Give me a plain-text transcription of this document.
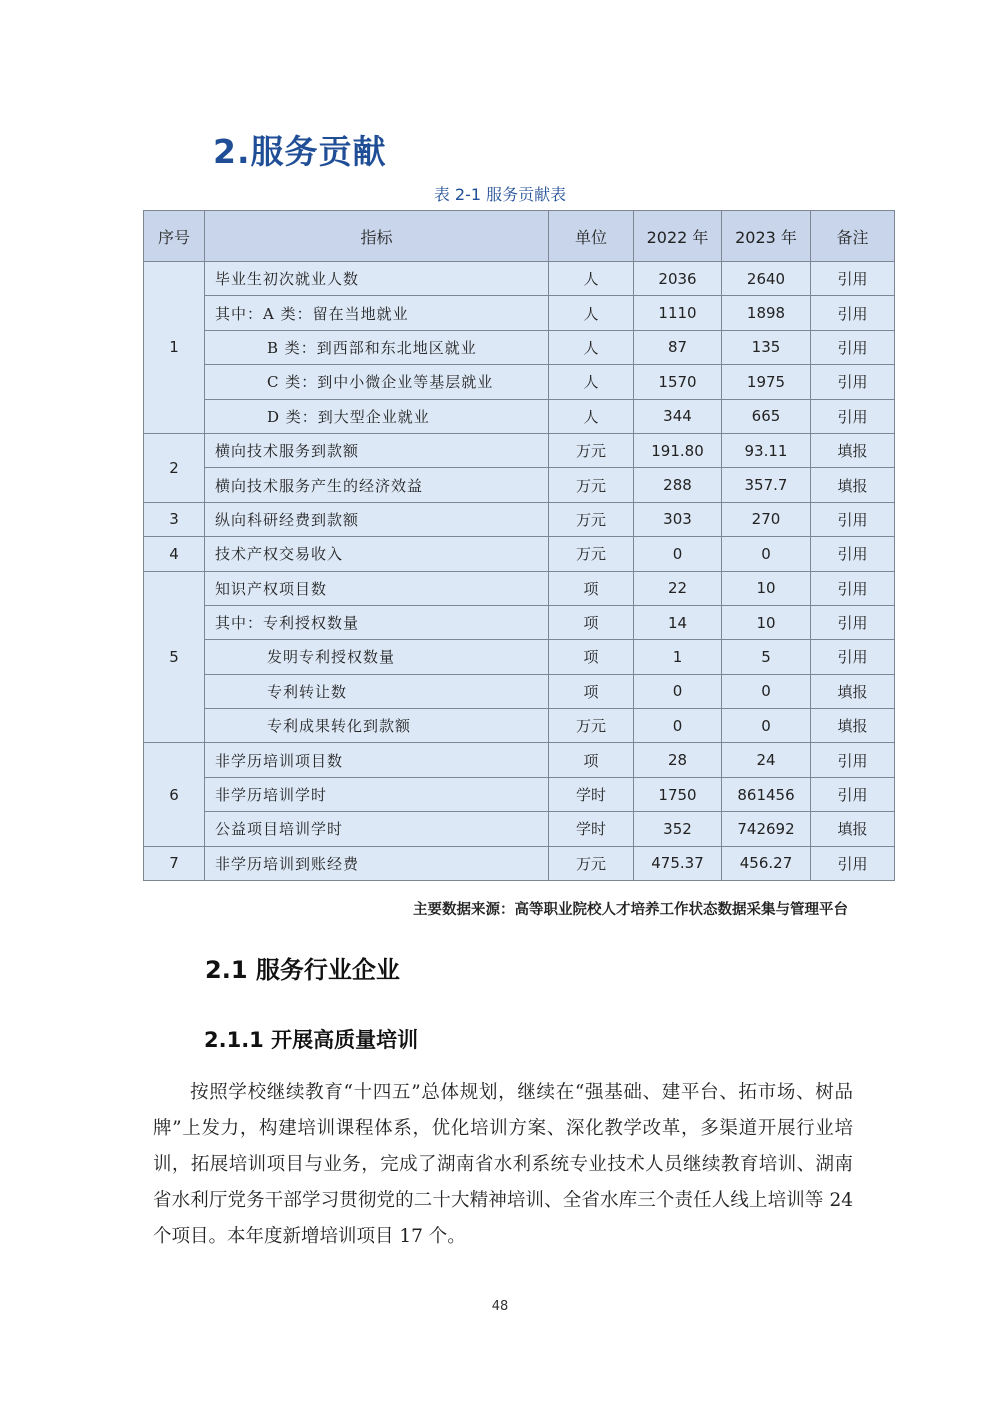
2.服务贡献
表 2-1 服务贡献表
序号	指标	单位	2022 年	2023 年	备注
1	毕业生初次就业人数	人	2036	2640	引用
	其中：A 类：留在当地就业	人	1110	1898	引用
	B 类：到西部和东北地区就业	人	87	135	引用
	C 类：到中小微企业等基层就业	人	1570	1975	引用
	D 类：到大型企业就业	人	344	665	引用
2	横向技术服务到款额	万元	191.80	93.11	填报
	横向技术服务产生的经济效益	万元	288	357.7	填报
3	纵向科研经费到款额	万元	303	270	引用
4	技术产权交易收入	万元	0	0	引用
5	知识产权项目数	项	22	10	引用
	其中：专利授权数量	项	14	10	引用
	发明专利授权数量	项	1	5	引用
	专利转让数	项	0	0	填报
	专利成果转化到款额	万元	0	0	填报
6	非学历培训项目数	项	28	24	引用
	非学历培训学时	学时	1750	861456	引用
	公益项目培训学时	学时	352	742692	填报
7	非学历培训到账经费	万元	475.37	456.27	引用
主要数据来源：高等职业院校人才培养工作状态数据采集与管理平台
2.1 服务行业企业
2.1.1 开展高质量培训

按照学校继续教育“十四五”总体规划，继续在“强基础、建平台、拓市场、树品牌”上发力，构建培训课程体系，优化培训方案、深化教学改革，多渠道开展行业培训，拓展培训项目与业务，完成了湖南省水利系统专业技术人员继续教育培训、湖南省水利厅党务干部学习贯彻党的二十大精神培训、全省水库三个责任人线上培训等 24 个项目。本年度新增培训项目 17 个。

48
